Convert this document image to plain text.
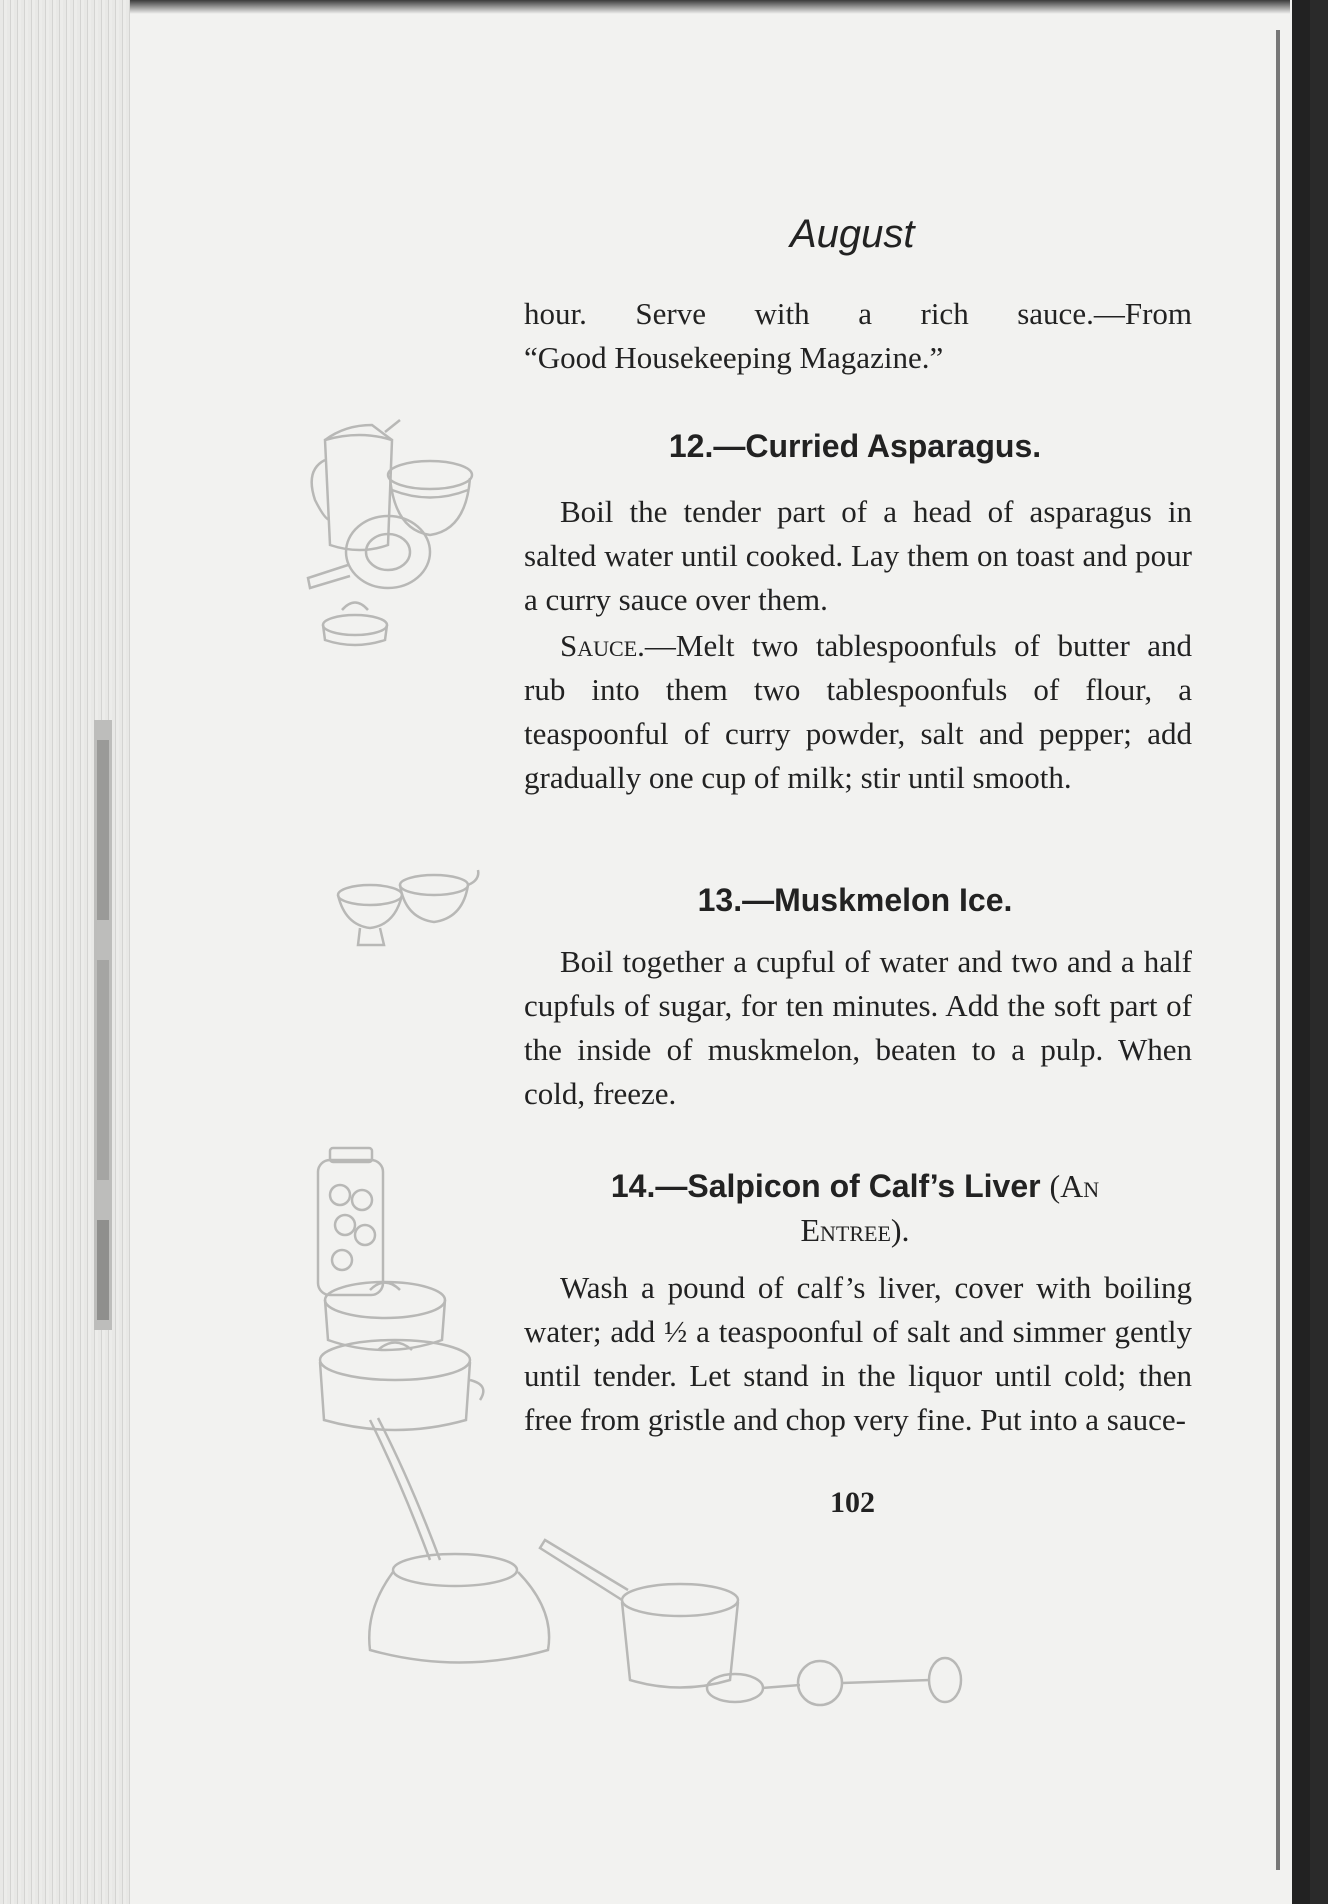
August
hour. Serve with a rich sauce.—From
“Good Housekeeping Magazine.”
12.—Curried Asparagus.
Boil the tender part of a head of asparagus in salted water until cooked. Lay them on toast and pour a curry sauce over them.
Sauce.—Melt two tablespoonfuls of butter and rub into them two tablespoonfuls of flour, a teaspoonful of curry powder, salt and pepper; add gradually one cup of milk; stir until smooth.
13.—Muskmelon Ice.
Boil together a cupful of water and two and a half cupfuls of sugar, for ten minutes. Add the soft part of the inside of muskmelon, beaten to a pulp. When cold, freeze.
14.—Salpicon of Calf’s Liver (An
Entree).
Wash a pound of calf’s liver, cover with boiling water; add ½ a teaspoonful of salt and simmer gently until tender. Let stand in the liquor until cold; then free from gristle and chop very fine. Put into a sauce-
102
